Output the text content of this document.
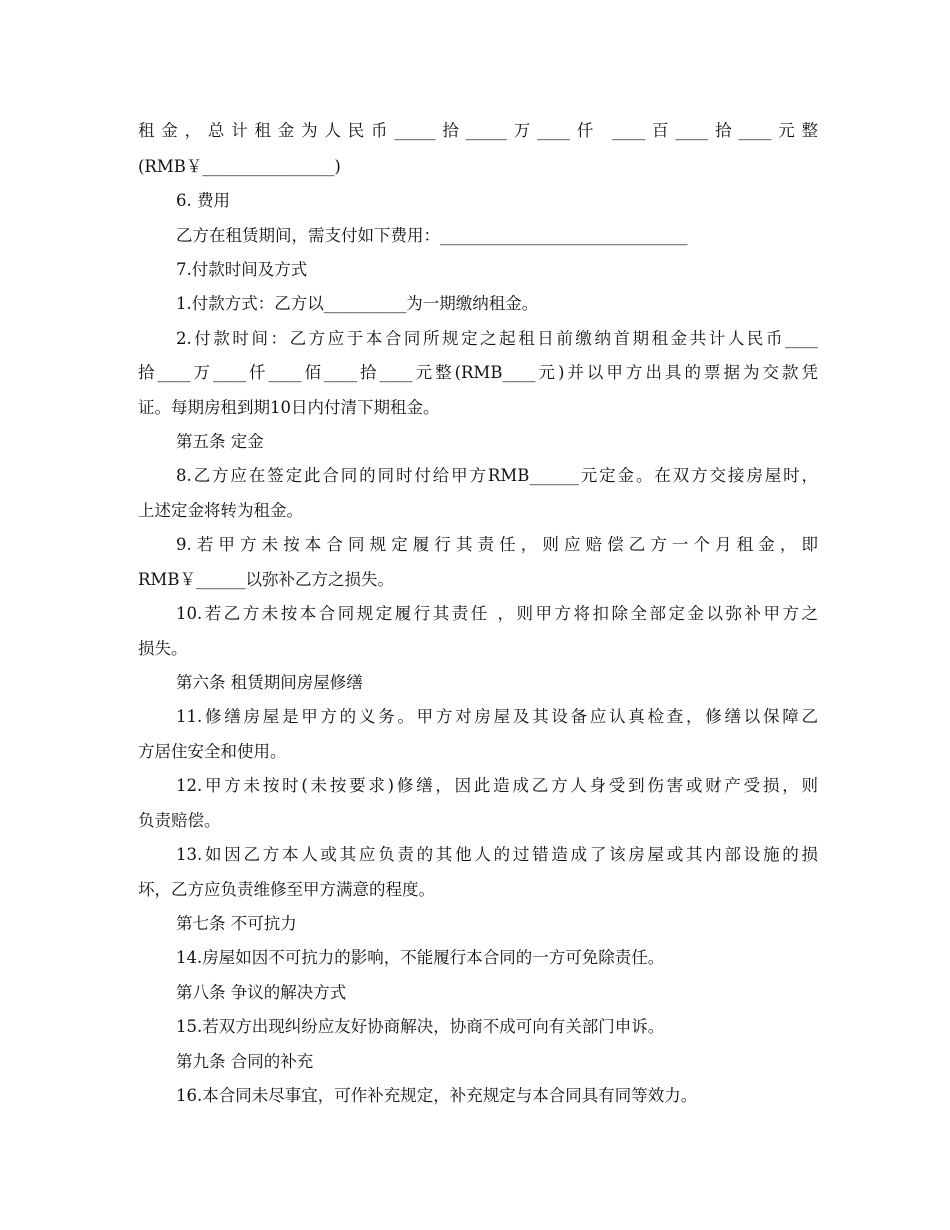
租金，总计租金为人民币_____拾_____万____仟 ____百____拾____元整
(RMB￥________________)
6. 费用
乙方在租赁期间，需支付如下费用：______________________________
7.付款时间及方式
1.付款方式：乙方以__________为一期缴纳租金。
2.付款时间：乙方应于本合同所规定之起租日前缴纳首期租金共计人民币____
拾____万____仟____佰____拾____元整(RMB____元)并以甲方出具的票据为交款凭
证。每期房租到期10日内付清下期租金。
第五条 定金
8.乙方应在签定此合同的同时付给甲方RMB______元定金。在双方交接房屋时，
上述定金将转为租金。
9.若甲方未按本合同规定履行其责任，则应赔偿乙方一个月租金，即
RMB￥______以弥补乙方之损失。
10.若乙方未按本合同规定履行其责任 ，则甲方将扣除全部定金以弥补甲方之
损失。
第六条 租赁期间房屋修缮
11.修缮房屋是甲方的义务。甲方对房屋及其设备应认真检查，修缮以保障乙
方居住安全和使用。
12.甲方未按时(未按要求)修缮，因此造成乙方人身受到伤害或财产受损，则
负责赔偿。
13.如因乙方本人或其应负责的其他人的过错造成了该房屋或其内部设施的损
坏，乙方应负责维修至甲方满意的程度。
第七条 不可抗力
14.房屋如因不可抗力的影响，不能履行本合同的一方可免除责任。
第八条 争议的解决方式
15.若双方出现纠纷应友好协商解决，协商不成可向有关部门申诉。
第九条 合同的补充
16.本合同未尽事宜，可作补充规定，补充规定与本合同具有同等效力。
